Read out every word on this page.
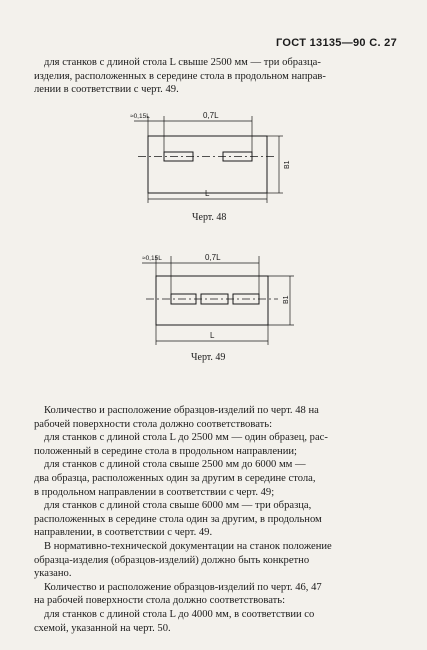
ГОСТ 13135—90 С. 27
для станков с длиной стола L свыше 2500 мм — три образца-
изделия, расположенных в середине стола в продольном направ-
лении в соответствии с черт. 49.
≈0,15L	0,7L
L
B1
≈0,15L	0,7L
L
B1
Черт. 48
Черт. 49
Количество и расположение образцов-изделий по черт. 48 на
рабочей поверхности стола должно соответствовать:
для станков с длиной стола L до 2500 мм — один образец, рас-
положенный в середине стола в продольном направлении;
для станков с длиной стола свыше 2500 мм до 6000 мм —
два образца, расположенных один за другим в середине стола,
в продольном направлении в соответствии с черт. 49;
для станков с длиной стола свыше 6000 мм — три образца,
расположенных в середине стола один за другим, в продольном
направлении, в соответствии с черт. 49.
В нормативно-технической документации на станок положение
образца-изделия (образцов-изделий) должно быть конкретно
указано.
Количество и расположение образцов-изделий по черт. 46, 47
на рабочей поверхности стола должно соответствовать:
для станков с длиной стола L до 4000 мм, в соответствии со
схемой, указанной на черт. 50.
